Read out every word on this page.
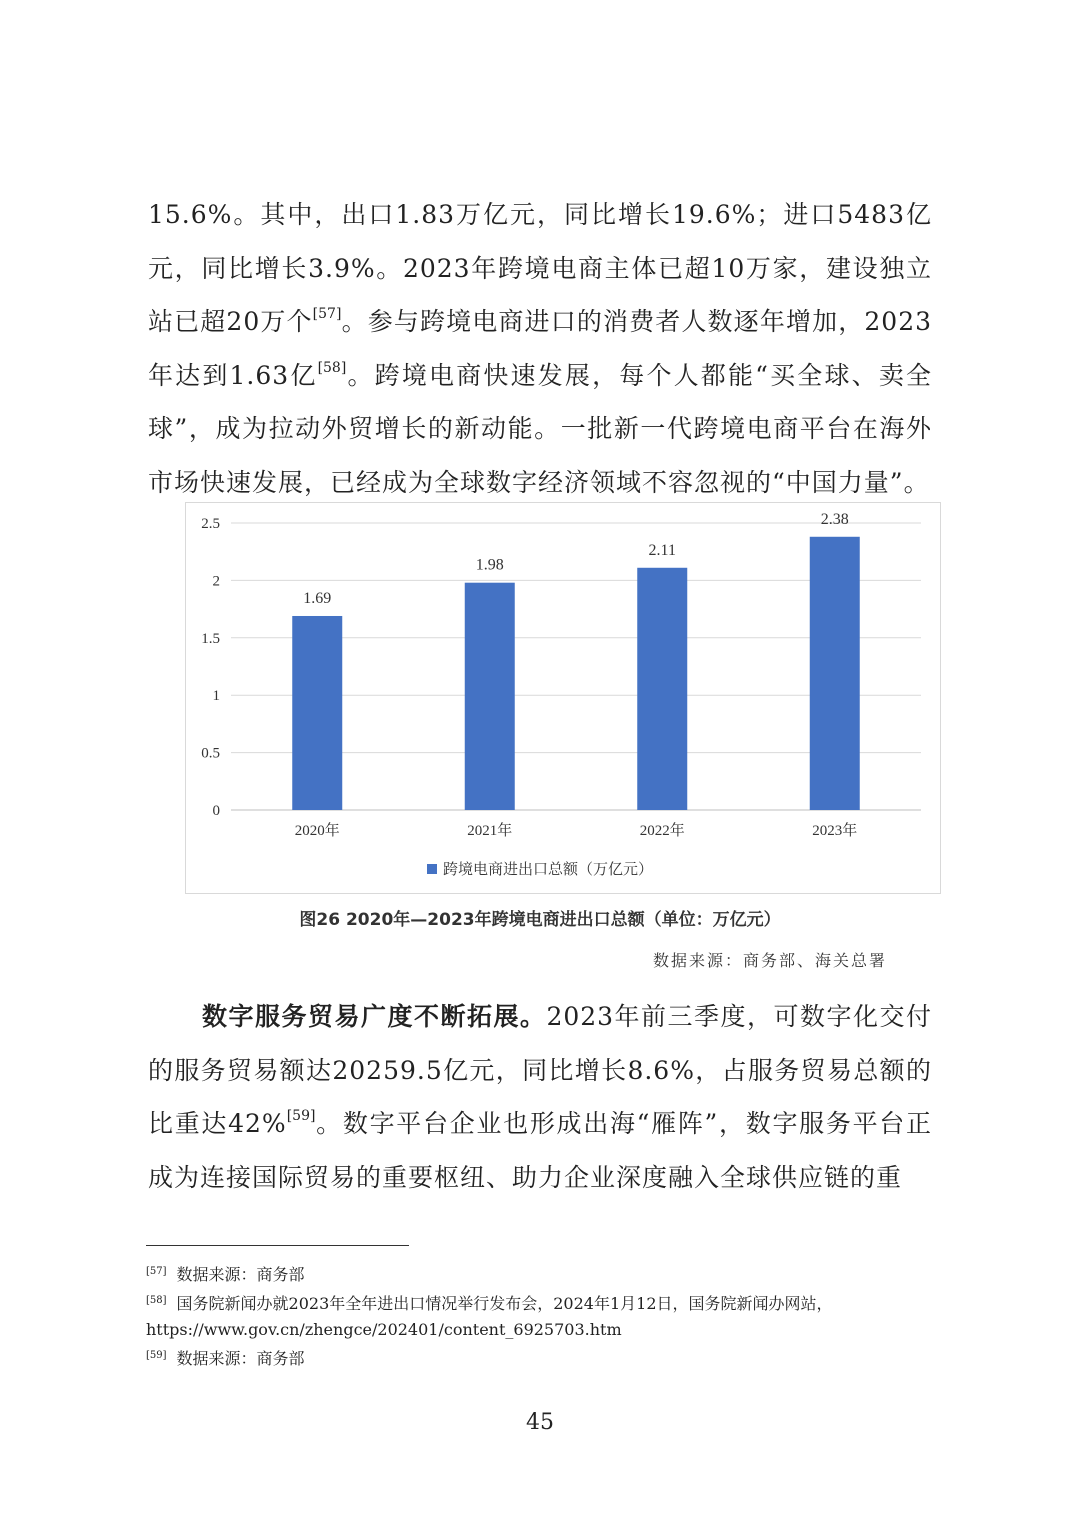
15.6%。其中，出口1.83万亿元，同比增长19.6%；进口5483亿元，同比增长3.9%。2023年跨境电商主体已超10万家，建设独立站已超20万个[57]。参与跨境电商进口的消费者人数逐年增加，2023年达到1.63亿[58]。跨境电商快速发展，每个人都能“买全球、卖全球”，成为拉动外贸增长的新动能。一批新一代跨境电商平台在海外市场快速发展，已经成为全球数字经济领域不容忽视的“中国力量”。

0
0.5
1
1.5
2
2.5
1.69
2020年
1.98
2021年
2.11
2022年
2.38
2023年
跨境电商进出口总额（万亿元）
图26 2020年—2023年跨境电商进出口总额（单位：万亿元）
数据来源：商务部、海关总署

数字服务贸易广度不断拓展。2023年前三季度，可数字化交付的服务贸易额达20259.5亿元，同比增长8.6%，占服务贸易总额的比重达42%[59]。数字平台企业也形成出海“雁阵”，数字服务平台正成为连接国际贸易的重要枢纽、助力企业深度融入全球供应链的重

[57] 数据来源：商务部

[58] 国务院新闻办就2023年全年进出口情况举行发布会，2024年1月12日，国务院新闻办网站，https://www.gov.cn/zhengce/202401/content_6925703.htm

[59] 数据来源：商务部

45
